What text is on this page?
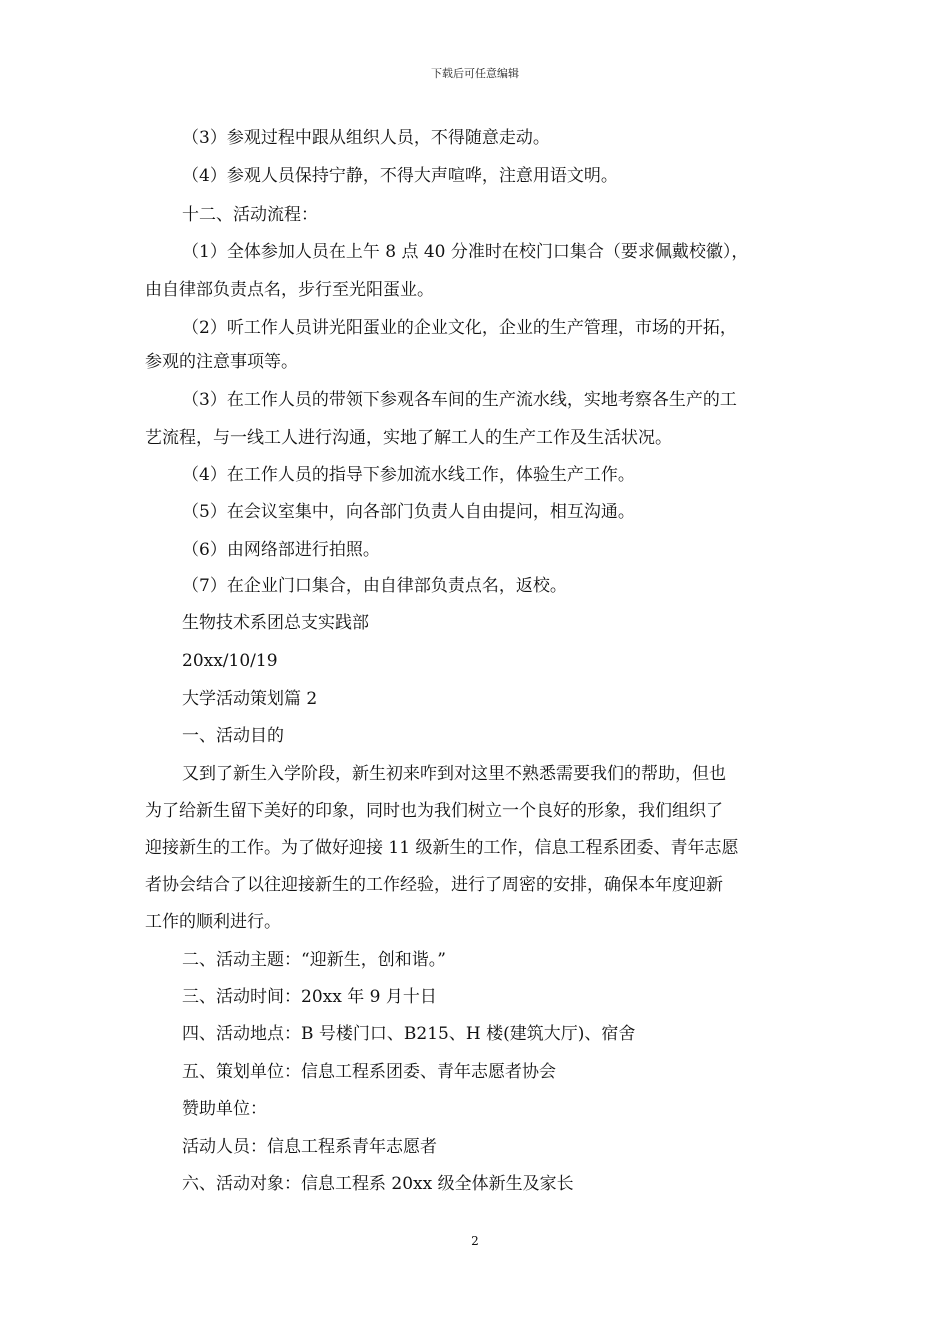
下载后可任意编辑
（3）参观过程中跟从组织人员，不得随意走动。
（4）参观人员保持宁静，不得大声喧哗，注意用语文明。
十二、活动流程：
（1）全体参加人员在上午 8 点 40 分准时在校门口集合（要求佩戴校徽），
由自律部负责点名，步行至光阳蛋业。
（2）听工作人员讲光阳蛋业的企业文化，企业的生产管理，市场的开拓，
参观的注意事项等。
（3）在工作人员的带领下参观各车间的生产流水线，实地考察各生产的工
艺流程，与一线工人进行沟通，实地了解工人的生产工作及生活状况。
（4）在工作人员的指导下参加流水线工作，体验生产工作。
（5）在会议室集中，向各部门负责人自由提问，相互沟通。
（6）由网络部进行拍照。
（7）在企业门口集合，由自律部负责点名，返校。
生物技术系团总支实践部
20xx/10/19
大学活动策划篇 2
一、活动目的
又到了新生入学阶段，新生初来咋到对这里不熟悉需要我们的帮助，但也
为了给新生留下美好的印象，同时也为我们树立一个良好的形象，我们组织了
迎接新生的工作。为了做好迎接 11 级新生的工作，信息工程系团委、青年志愿
者协会结合了以往迎接新生的工作经验，进行了周密的安排，确保本年度迎新
工作的顺利进行。
二、活动主题：“迎新生，创和谐。”
三、活动时间：20xx 年 9 月十日
四、活动地点：B 号楼门口、B215、H 楼(建筑大厅)、宿舍
五、策划单位：信息工程系团委、青年志愿者协会
赞助单位：
活动人员：信息工程系青年志愿者
六、活动对象：信息工程系 20xx 级全体新生及家长
2
